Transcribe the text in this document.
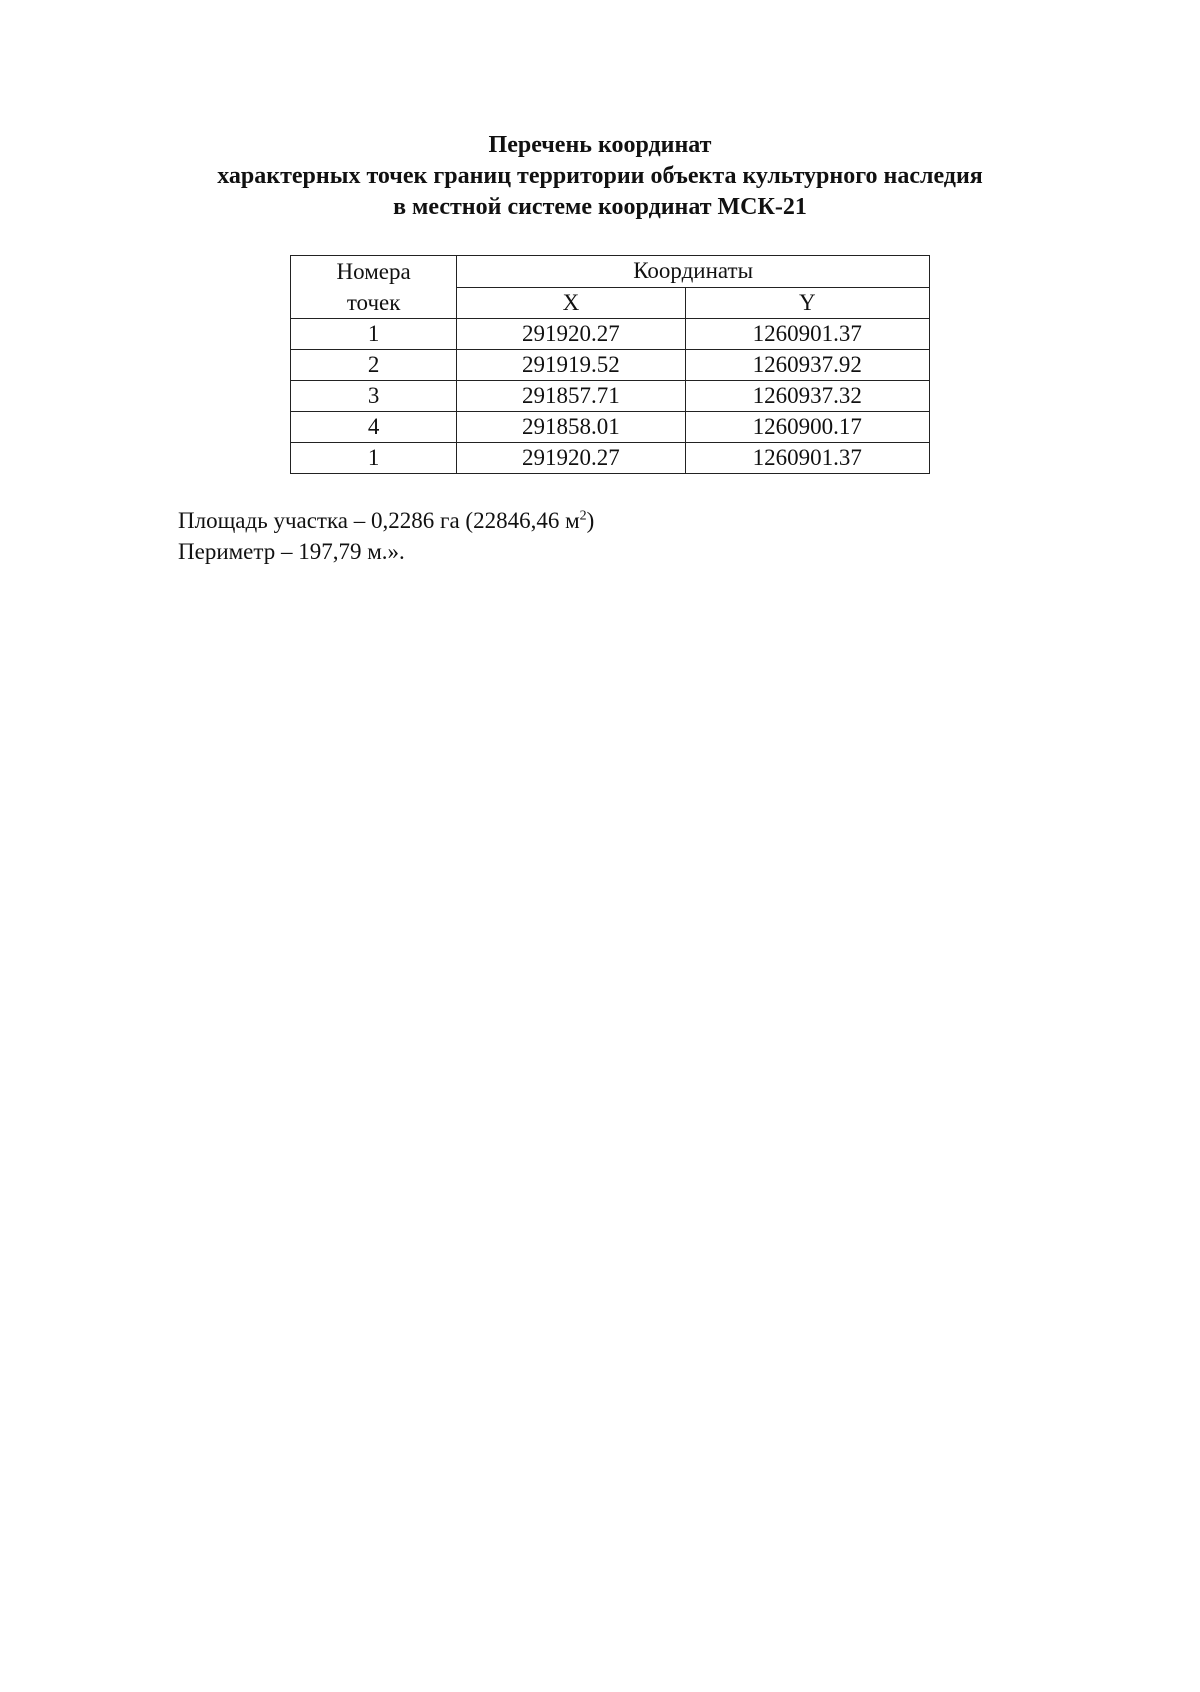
Перечень координат
характерных точек границ территории объекта культурного наследия
в местной системе координат МСК-21
Номера
точек	Координаты	
	X	Y
1	291920.27	1260901.37
2	291919.52	1260937.92
3	291857.71	1260937.32
4	291858.01	1260900.17
1	291920.27	1260901.37
Площадь участка – 0,2286 га (22846,46 $м^2$)
Периметр – 197,79 м.».
